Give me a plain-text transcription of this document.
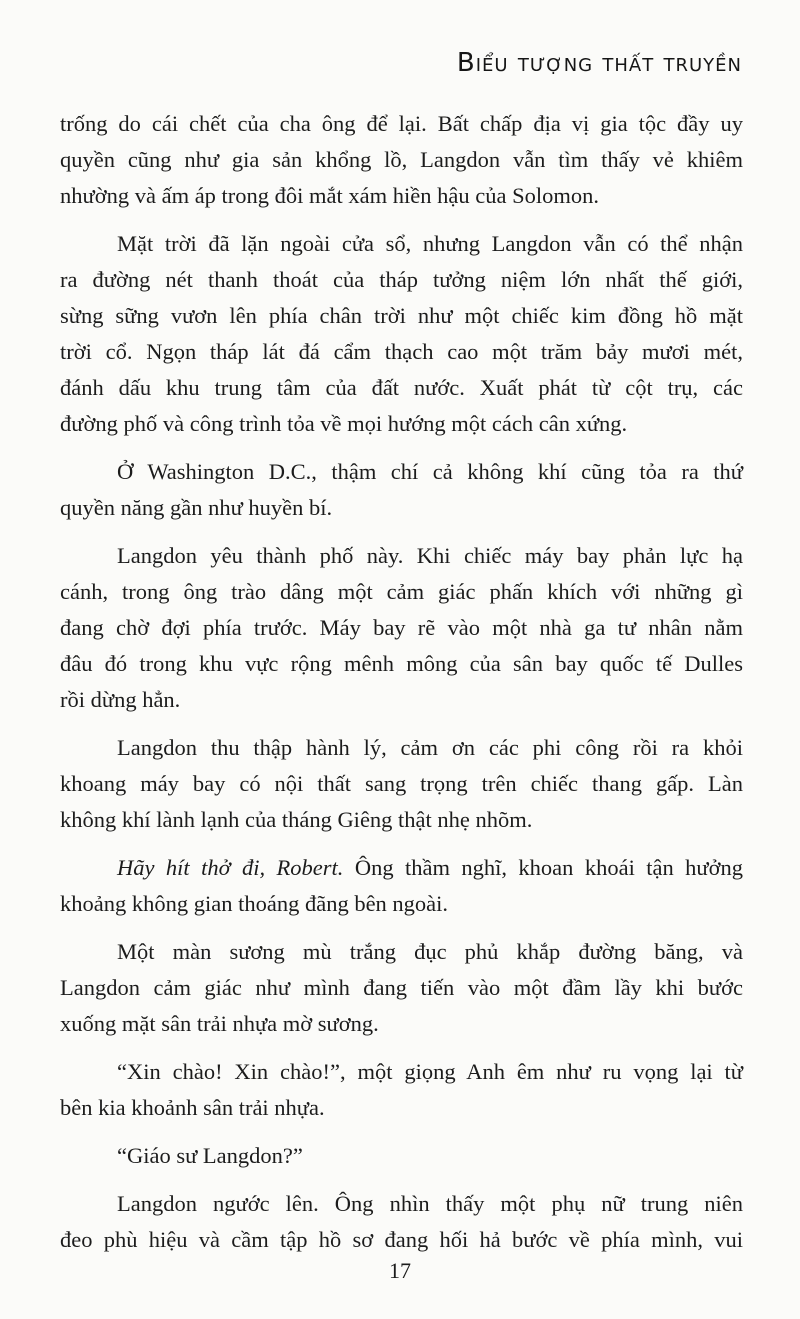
Biểu tượng thất truyền
trống do cái chết của cha ông để lại. Bất chấp địa vị gia tộc đầy uy
quyền cũng như gia sản khổng lồ, Langdon vẫn tìm thấy vẻ khiêm
nhường và ấm áp trong đôi mắt xám hiền hậu của Solomon.
Mặt trời đã lặn ngoài cửa sổ, nhưng Langdon vẫn có thể nhận
ra đường nét thanh thoát của tháp tưởng niệm lớn nhất thế giới,
sừng sững vươn lên phía chân trời như một chiếc kim đồng hồ mặt
trời cổ. Ngọn tháp lát đá cẩm thạch cao một trăm bảy mươi mét,
đánh dấu khu trung tâm của đất nước. Xuất phát từ cột trụ, các
đường phố và công trình tỏa về mọi hướng một cách cân xứng.
Ở Washington D.C., thậm chí cả không khí cũng tỏa ra thứ
quyền năng gần như huyền bí.
Langdon yêu thành phố này. Khi chiếc máy bay phản lực hạ
cánh, trong ông trào dâng một cảm giác phấn khích với những gì
đang chờ đợi phía trước. Máy bay rẽ vào một nhà ga tư nhân nằm
đâu đó trong khu vực rộng mênh mông của sân bay quốc tế Dulles
rồi dừng hẳn.
Langdon thu thập hành lý, cảm ơn các phi công rồi ra khỏi
khoang máy bay có nội thất sang trọng trên chiếc thang gấp. Làn
không khí lành lạnh của tháng Giêng thật nhẹ nhõm.
Hãy hít thở đi, Robert. Ông thầm nghĩ, khoan khoái tận hưởng
khoảng không gian thoáng đãng bên ngoài.
Một màn sương mù trắng đục phủ khắp đường băng, và
Langdon cảm giác như mình đang tiến vào một đầm lầy khi bước
xuống mặt sân trải nhựa mờ sương.
“Xin chào! Xin chào!”, một giọng Anh êm như ru vọng lại từ
bên kia khoảnh sân trải nhựa.
“Giáo sư Langdon?”
Langdon ngước lên. Ông nhìn thấy một phụ nữ trung niên
đeo phù hiệu và cầm tập hồ sơ đang hối hả bước về phía mình, vui
17
